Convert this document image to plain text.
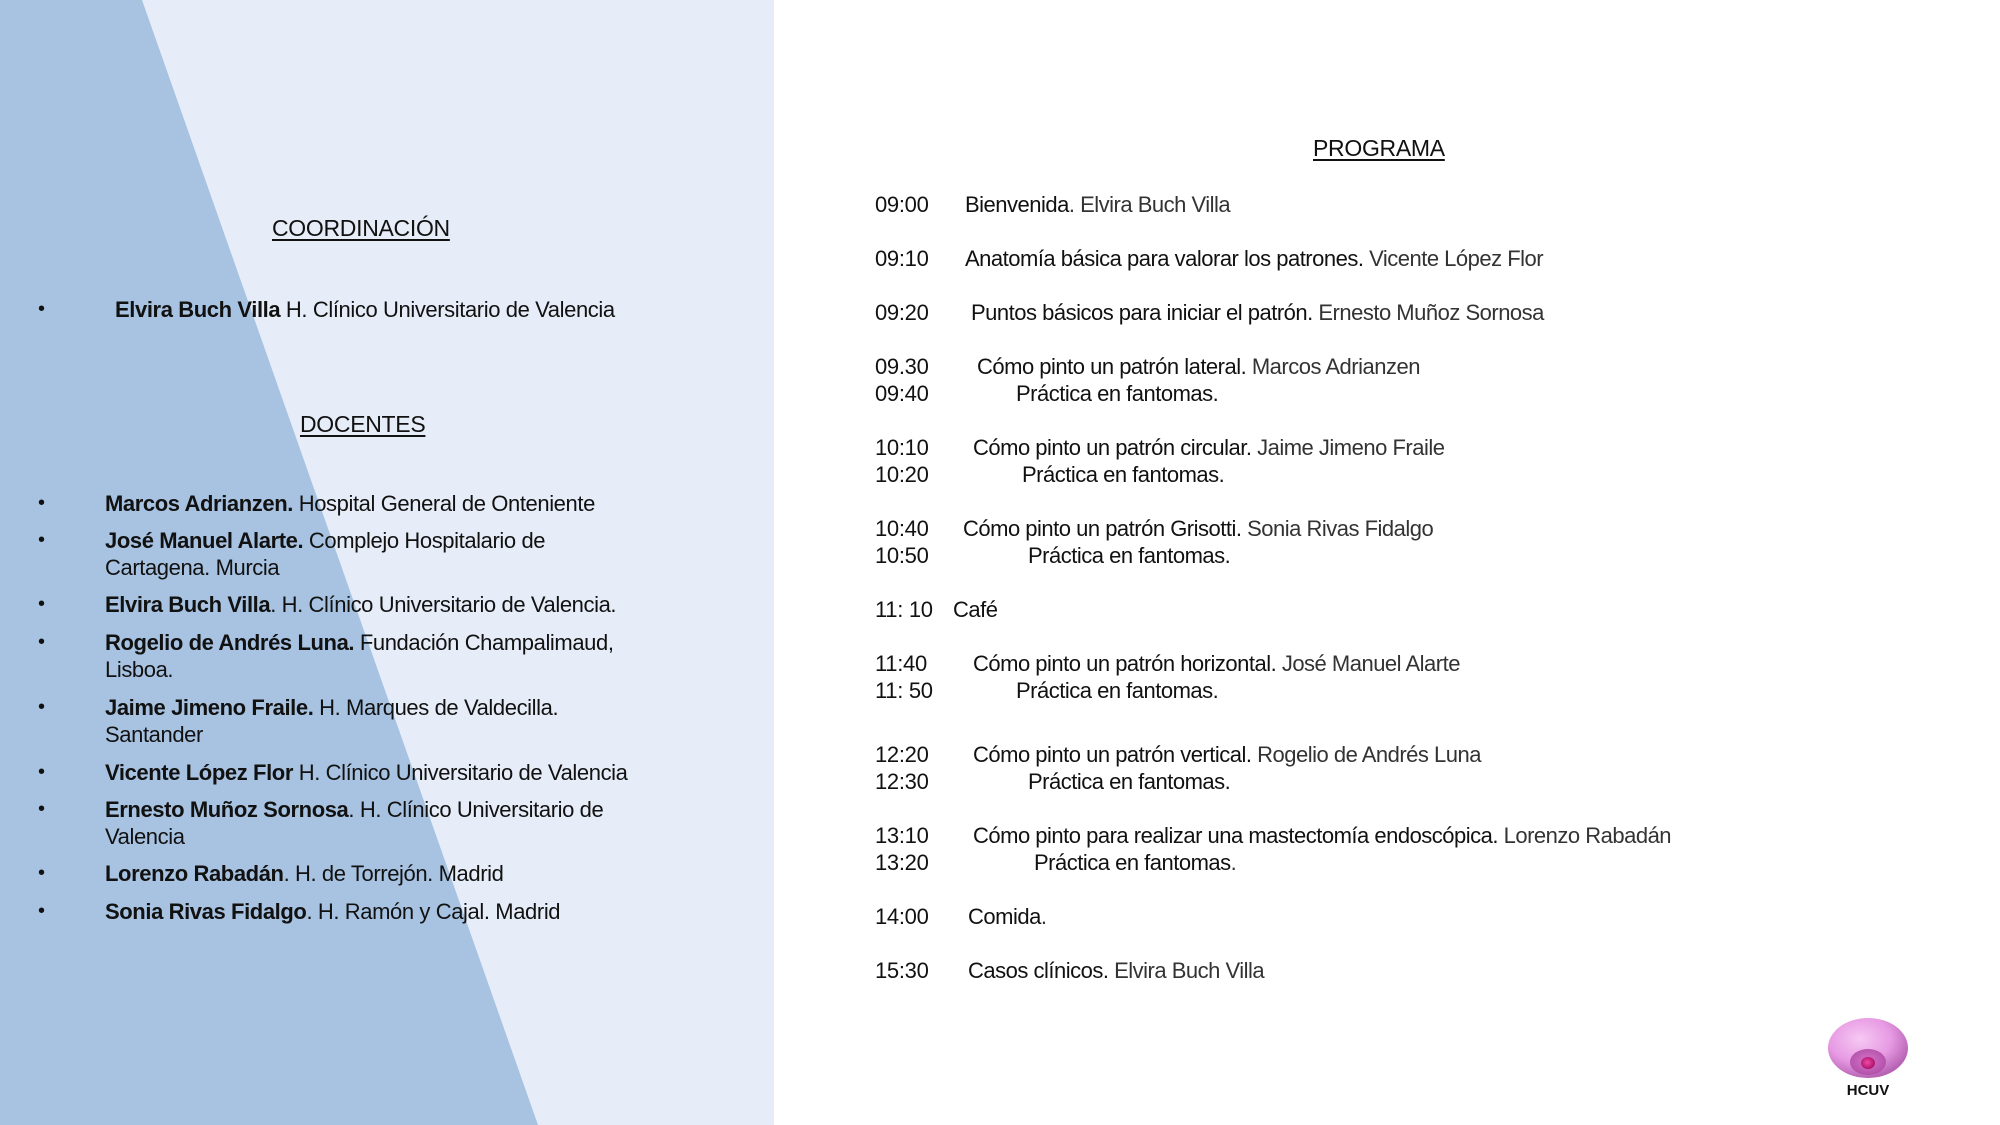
COORDINACIÓN
•	Elvira Buch Villa H. Clínico Universitario de Valencia
DOCENTES
•	Marcos Adrianzen. Hospital General de Onteniente
•	José Manuel Alarte. Complejo Hospitalario de Cartagena. Murcia
•	Elvira Buch Villa. H. Clínico Universitario de Valencia.
•	Rogelio de Andrés Luna. Fundación Champalimaud, Lisboa.
•	Jaime Jimeno Fraile. H. Marques de Valdecilla. Santander
•	Vicente López Flor H. Clínico Universitario de Valencia
•	Ernesto Muñoz Sornosa. H. Clínico Universitario de Valencia
•	Lorenzo Rabadán. H. de Torrejón. Madrid
•	Sonia Rivas Fidalgo. H. Ramón y Cajal. Madrid
PROGRAMA
09:00 Bienvenida. Elvira Buch Villa
09:10 Anatomía básica para valorar los patrones. Vicente López Flor
09:20 Puntos básicos para iniciar el patrón. Ernesto Muñoz Sornosa
09.30 Cómo pinto un patrón lateral. Marcos Adrianzen
09:40	Práctica en fantomas.
10:10 Cómo pinto un patrón circular. Jaime Jimeno Fraile
10:20	Práctica en fantomas.
10:40 Cómo pinto un patrón Grisotti. Sonia Rivas Fidalgo
10:50	Práctica en fantomas.
11: 10 Café
11:40 Cómo pinto un patrón horizontal. José Manuel Alarte
11: 50	Práctica en fantomas.
12:20 Cómo pinto un patrón vertical. Rogelio de Andrés Luna
12:30	Práctica en fantomas.
13:10 Cómo pinto para realizar una mastectomía endoscópica. Lorenzo Rabadán
13:20	Práctica en fantomas.
14:00 Comida.
15:30 Casos clínicos. Elvira Buch Villa
HCUV
